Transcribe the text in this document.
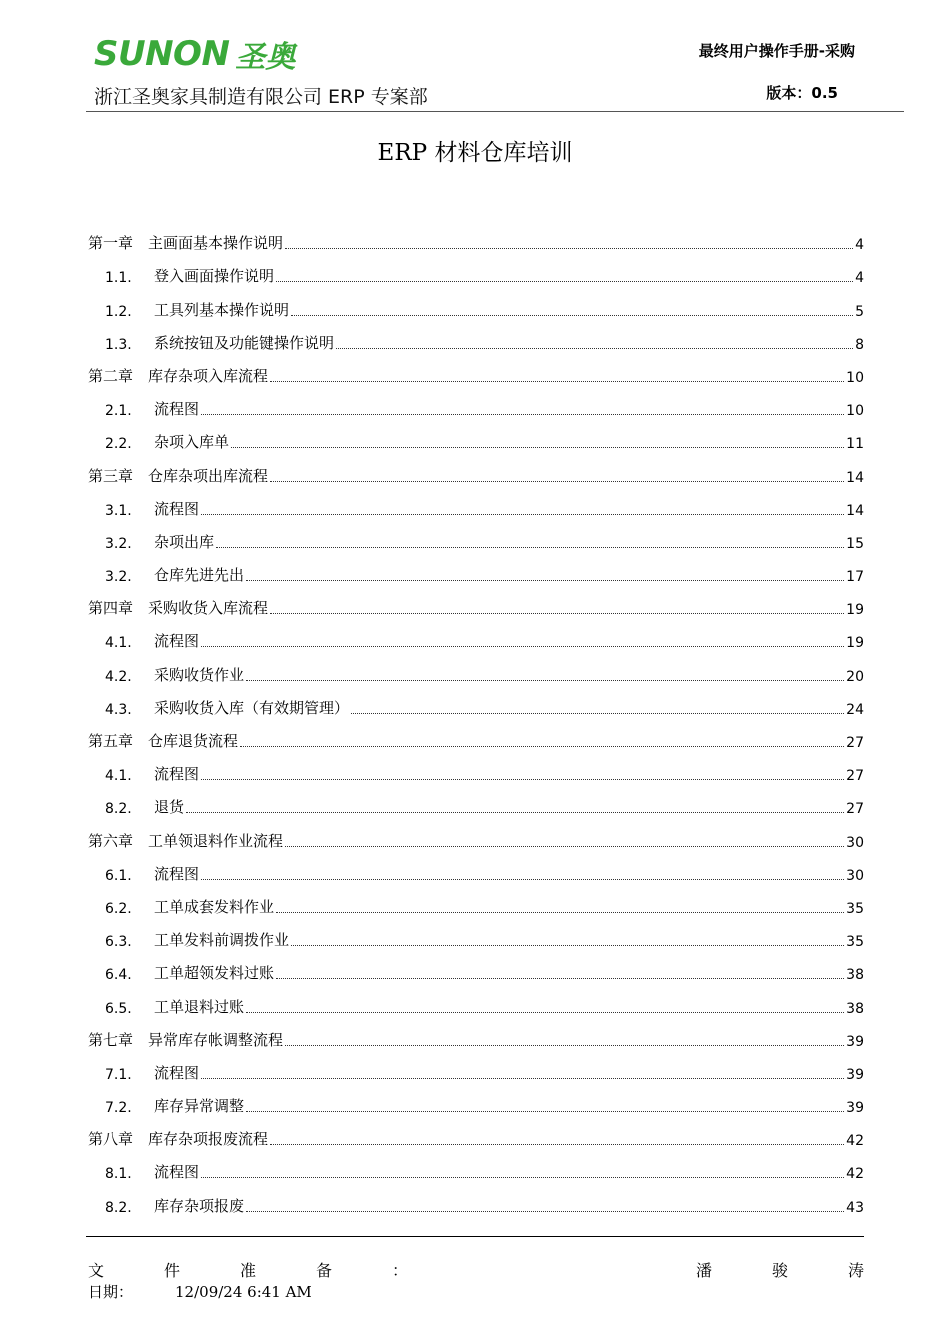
SUNON 圣奥
浙江圣奥家具制造有限公司 ERP 专案部
最终用户操作手册-采购
版本：0.5
ERP 材料仓库培训
第一章 主画面基本操作说明	4
1.1.	登入画面操作说明	4
1.2.	工具列基本操作说明	5
1.3.	系统按钮及功能键操作说明	8
第二章 库存杂项入库流程	10
2.1.	流程图	10
2.2.	杂项入库单	11
第三章 仓库杂项出库流程	14
3.1.	流程图	14
3.2.	杂项出库	15
3.2.	仓库先进先出	17
第四章 采购收货入库流程	19
4.1.	流程图	19
4.2.	采购收货作业	20
4.3.	采购收货入库（有效期管理）	24
第五章 仓库退货流程	27
4.1.	流程图	27
8.2.	退货	27
第六章 工单领退料作业流程	30
6.1.	流程图	30
6.2.	工单成套发料作业	35
6.3.	工单发料前调拨作业	35
6.4.	工单超领发料过账	38
6.5.	工单退料过账	38
第七章 异常库存帐调整流程	39
7.1.	流程图	39
7.2.	库存异常调整	39
第八章 库存杂项报废流程	42
8.1.	流程图	42
8.2.	库存杂项报废	43
文	件	准	备	：	潘	骏	涛
日期：	12/09/24 6:41 AM
